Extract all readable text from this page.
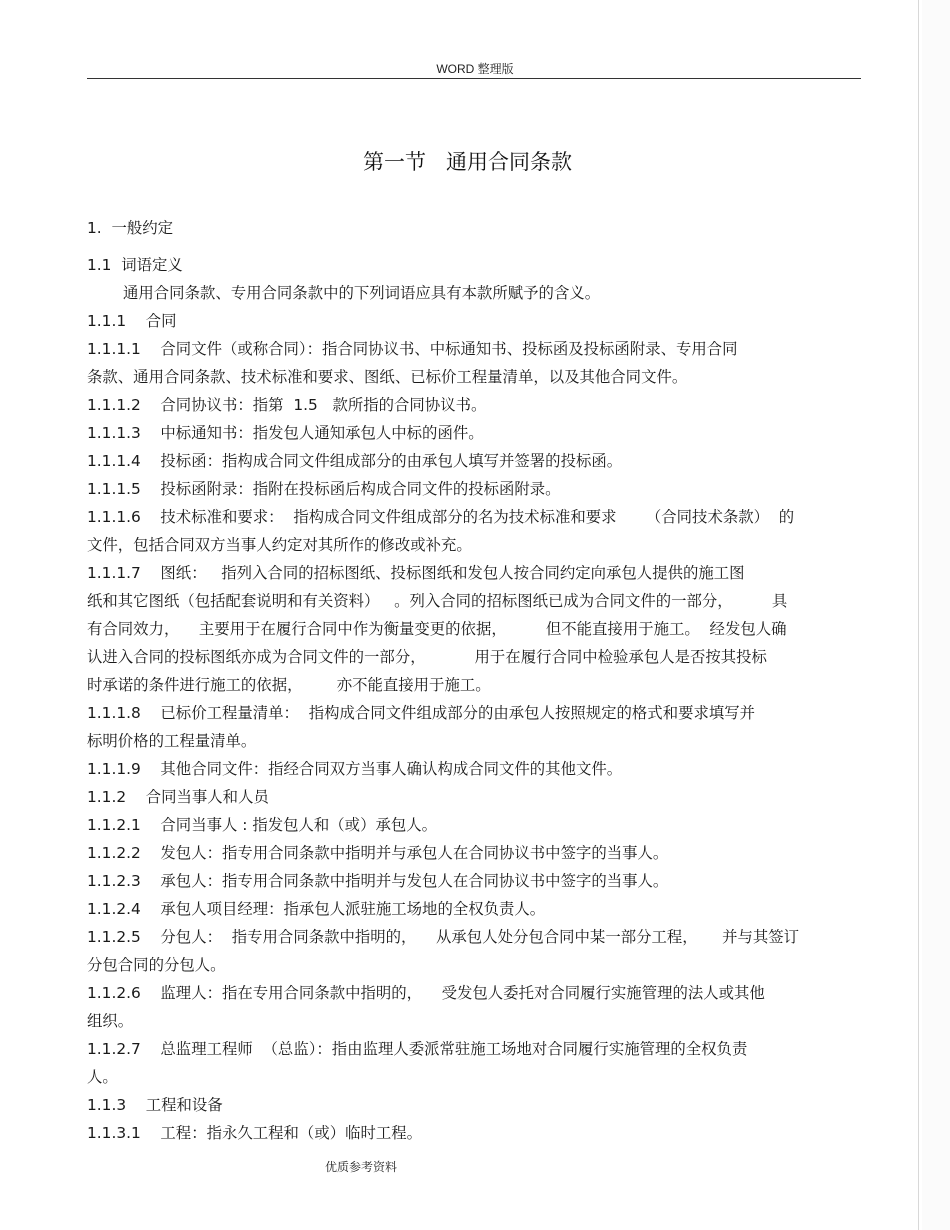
WORD 整理版
第一节   通用合同条款
1.  一般约定
1.1  词语定义
通用合同条款、专用合同条款中的下列词语应具有本款所赋予的含义。
1.1.1    合同
1.1.1.1    合同文件（或称合同）：指合同协议书、中标通知书、投标函及投标函附录、专用合同
条款、通用合同条款、技术标准和要求、图纸、已标价工程量清单，以及其他合同文件。
1.1.1.2    合同协议书：指第  1.5   款所指的合同协议书。
1.1.1.3    中标通知书：指发包人通知承包人中标的函件。
1.1.1.4    投标函：指构成合同文件组成部分的由承包人填写并签署的投标函。
1.1.1.5    投标函附录：指附在投标函后构成合同文件的投标函附录。
1.1.1.6    技术标准和要求：  指构成合同文件组成部分的名为技术标准和要求      （合同技术条款）  的
文件，包括合同双方当事人约定对其所作的修改或补充。
1.1.1.7    图纸：   指列入合同的招标图纸、投标图纸和发包人按合同约定向承包人提供的施工图
纸和其它图纸（包括配套说明和有关资料）   。列入合同的招标图纸已成为合同文件的一部分，        具
有合同效力，    主要用于在履行合同中作为衡量变更的依据，        但不能直接用于施工。  经发包人确
认进入合同的投标图纸亦成为合同文件的一部分，          用于在履行合同中检验承包人是否按其投标
时承诺的条件进行施工的依据，       亦不能直接用于施工。
1.1.1.8    已标价工程量清单：  指构成合同文件组成部分的由承包人按照规定的格式和要求填写并
标明价格的工程量清单。
1.1.1.9    其他合同文件：指经合同双方当事人确认构成合同文件的其他文件。
1.1.2    合同当事人和人员
1.1.2.1    合同当事人 : 指发包人和（或）承包人。
1.1.2.2    发包人：指专用合同条款中指明并与承包人在合同协议书中签字的当事人。
1.1.2.3    承包人：指专用合同条款中指明并与发包人在合同协议书中签字的当事人。
1.1.2.4    承包人项目经理：指承包人派驻施工场地的全权负责人。
1.1.2.5    分包人：  指专用合同条款中指明的，    从承包人处分包合同中某一部分工程，     并与其签订
分包合同的分包人。
1.1.2.6    监理人：指在专用合同条款中指明的，    受发包人委托对合同履行实施管理的法人或其他
组织。
1.1.2.7    总监理工程师  （总监）：指由监理人委派常驻施工场地对合同履行实施管理的全权负责
人。
1.1.3    工程和设备
1.1.3.1    工程：指永久工程和（或）临时工程。
优质参考资料
